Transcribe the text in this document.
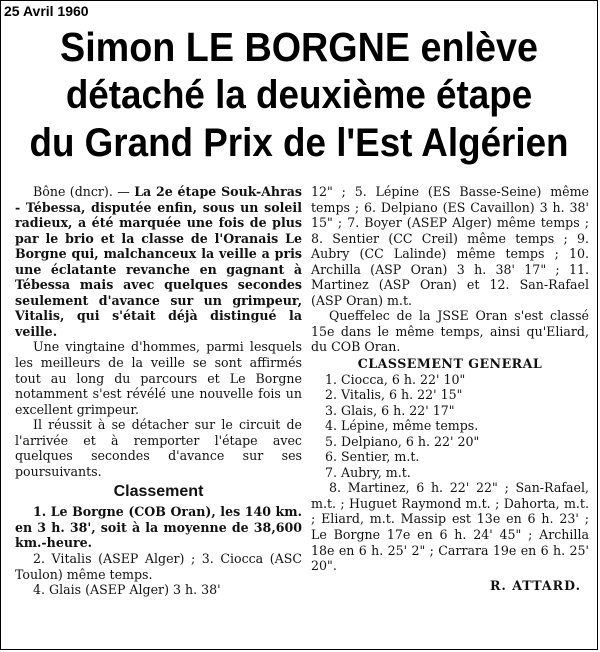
25 Avril 1960
Simon LE BORGNE enlève
détaché la deuxième étape
du Grand Prix de l'Est Algérien

Bône (dncr). — La 2e étape Souk-Ahras - Tébessa, disputée enfin, sous un soleil radieux, a été marquée une fois de plus par le brio et la classe de l'Oranais Le Borgne qui, malchanceux la veille a pris une éclatante revanche en gagnant à Tébessa mais avec quelques secondes seulement d'avance sur un grimpeur, Vitalis, qui s'était déjà distingué la veille.

Une vingtaine d'hommes, parmi lesquels les meilleurs de la veille se sont affirmés tout au long du parcours et Le Borgne notamment s'est révélé une nouvelle fois un excellent grimpeur.

Il réussit à se détacher sur le circuit de l'arrivée et à remporter l'étape avec quelques secondes d'avance sur ses poursuivants.

Classement

1. Le Borgne (COB Oran), les 140 km. en 3 h. 38', soit à la moyenne de 38,600 km.-heure.

2. Vitalis (ASEP Alger) ; 3. Ciocca (ASC Toulon) même temps.

4. Glais (ASEP Alger) 3 h. 38'

12" ; 5. Lépine (ES Basse-Seine) même temps ; 6. Delpiano (ES Cavaillon) 3 h. 38' 15" ; 7. Boyer (ASEP Alger) même temps ; 8. Sentier (CC Creil) même temps ; 9. Aubry (CC Lalinde) même temps ; 10. Archilla (ASP Oran) 3 h. 38' 17" ; 11. Martinez (ASP Oran) et 12. San-Rafael (ASP Oran) m.t.

Queffelec de la JSSE Oran s'est classé 15e dans le même temps, ainsi qu'Eliard, du COB Oran.

CLASSEMENT GENERAL
1. Ciocca, 6 h. 22' 10"
2. Vitalis, 6 h. 22' 15"
3. Glais, 6 h. 22' 17"
4. Lépine, même temps.
5. Delpiano, 6 h. 22' 20"
6. Sentier, m.t.
7. Aubry, m.t.

8. Martinez, 6 h. 22' 22" ; San-Rafael, m.t. ; Huguet Raymond m.t. ; Dahorta, m.t. ; Eliard, m.t. Massip est 13e en 6 h. 23' ; Le Borgne 17e en 6 h. 24' 45" ; Archilla 18e en 6 h. 25' 2" ; Carrara 19e en 6 h. 25' 20".

R. ATTARD.
